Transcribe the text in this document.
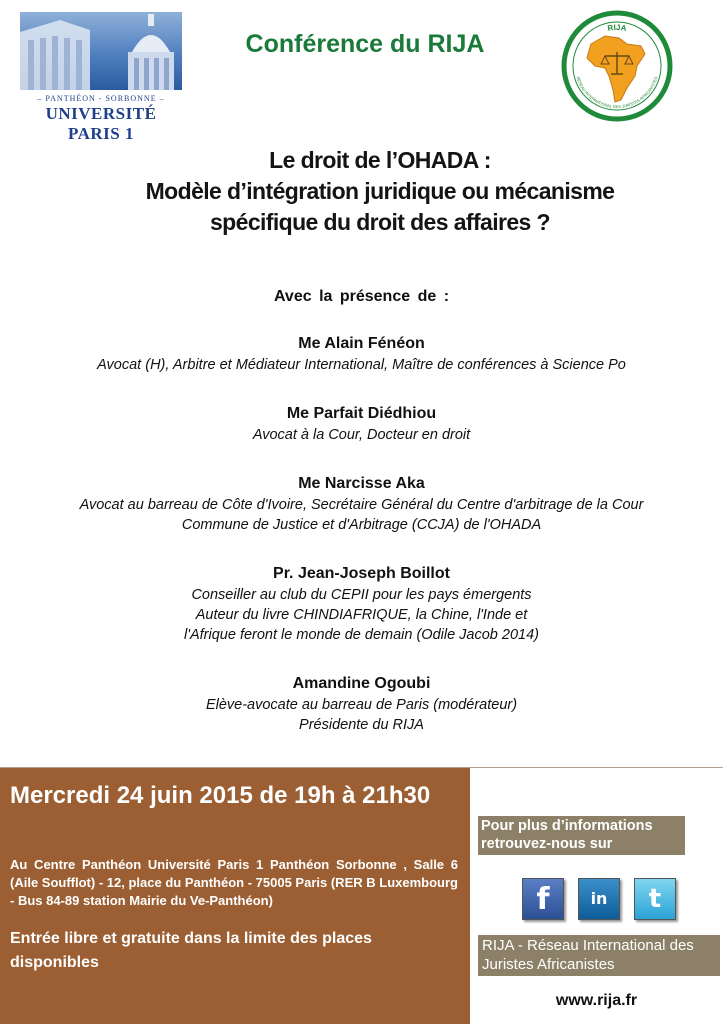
– PANTHÉON - SORBONNE –
UNIVERSITÉ PARIS 1
Conférence du RIJA
RIJA
RÉSEAU INTERNATIONAL DES JURISTES AFRICANISTES
Le droit de l’OHADA :
Modèle d’intégration juridique ou mécanisme
spécifique du droit des affaires ?
Avec la présence de :
Me Alain Fénéon
Avocat (H), Arbitre et Médiateur International, Maître de conférences à Science Po
Me Parfait Diédhiou
Avocat à la Cour, Docteur en droit
Me Narcisse Aka
Avocat au barreau de Côte d'Ivoire, Secrétaire Général du Centre d'arbitrage de la Cour
Commune de Justice et d'Arbitrage (CCJA) de l'OHADA
Pr. Jean-Joseph Boillot
Conseiller au club du CEPII pour les pays émergents
Auteur du livre CHINDIAFRIQUE, la Chine, l'Inde et
l'Afrique feront le monde de demain (Odile Jacob 2014)
Amandine Ogoubi
Elève-avocate au barreau de Paris (modérateur)
Présidente du RIJA
Mercredi 24 juin 2015 de 19h à 21h30
Au Centre Panthéon Université Paris 1 Panthéon Sorbonne , Salle 6 (Aile Soufflot) - 12, place du Panthéon - 75005 Paris (RER B Luxembourg - Bus 84-89 station Mairie du Ve-Panthéon)
Entrée libre et gratuite dans la limite des places disponibles
Pour plus d’informations retrouvez-nous sur
f	in	t
RIJA - Réseau International des Juristes Africanistes
www.rija.fr
